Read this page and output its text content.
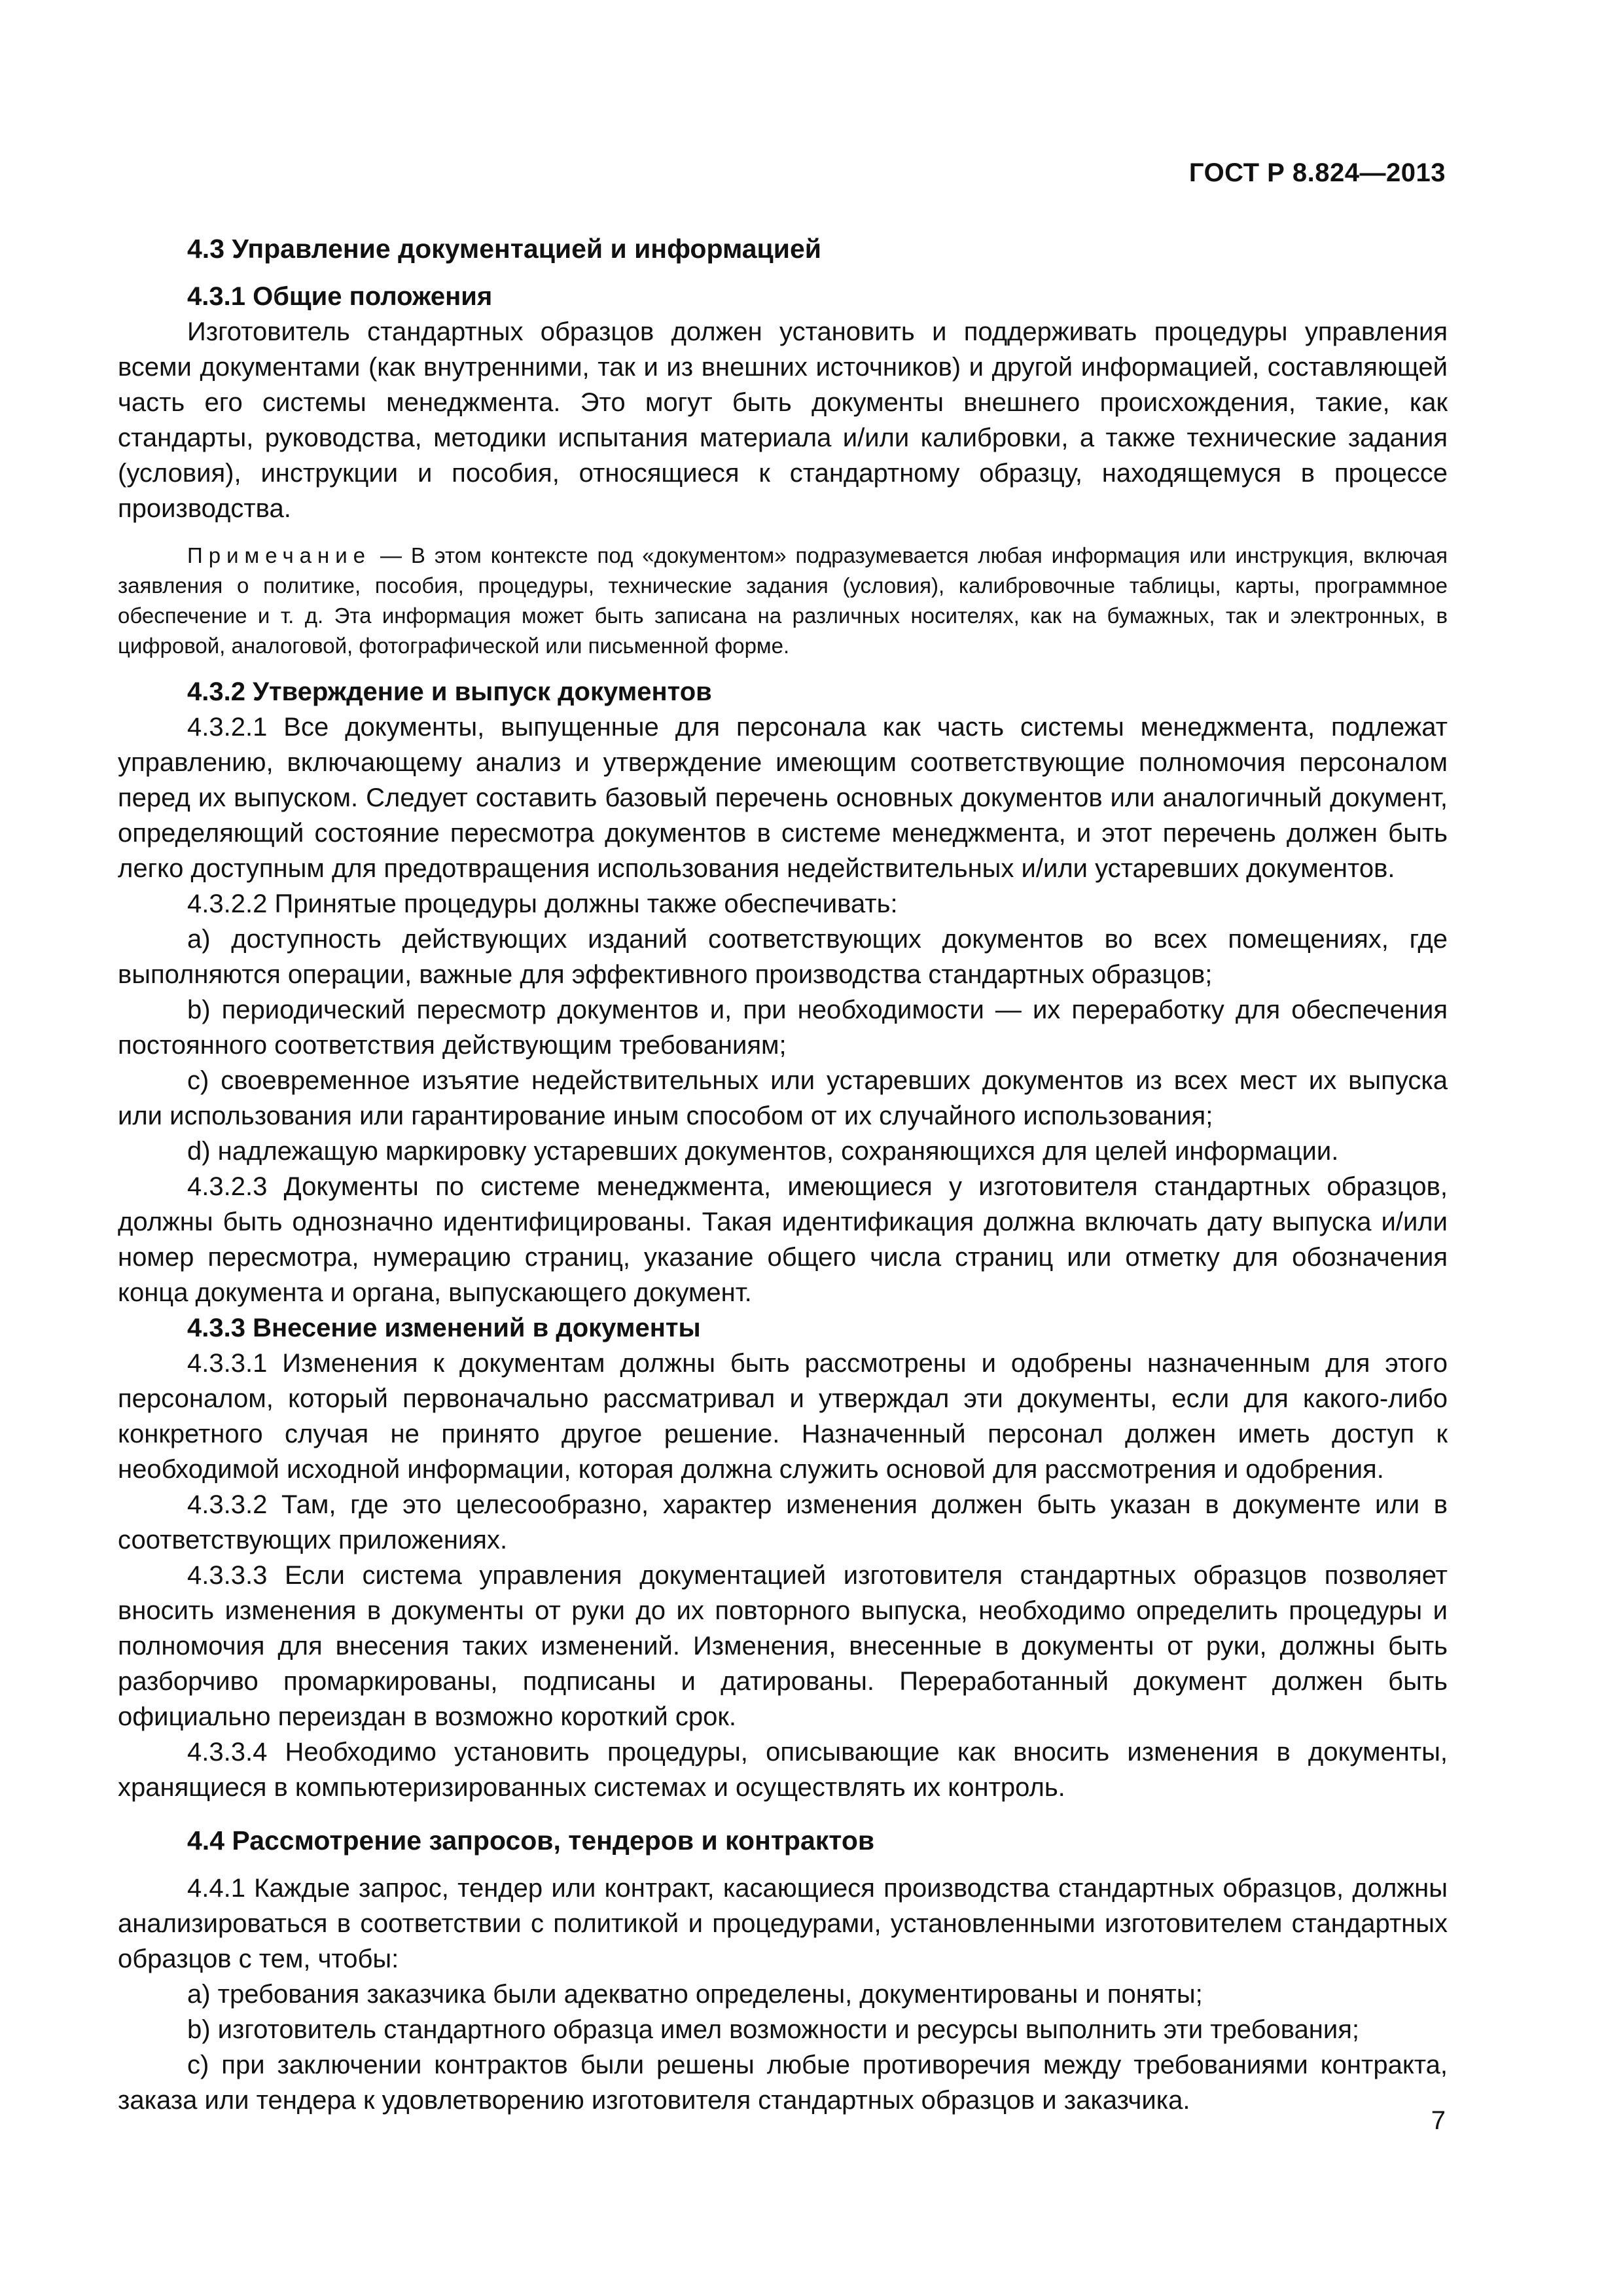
ГОСТ Р 8.824—2013
4.3 Управление документацией и информацией
4.3.1 Общие положения

Изготовитель стандартных образцов должен установить и поддерживать процедуры управления всеми документами (как внутренними, так и из внешних источников) и другой информацией, составляющей часть его системы менеджмента. Это могут быть документы внешнего происхождения, такие, как стандарты, руководства, методики испытания материала и/или калибровки, а также технические задания (условия), инструкции и пособия, относящиеся к стандартному образцу, находящемуся в процессе производства.

Примечание — В этом контексте под «документом» подразумевается любая информация или инструкция, включая заявления о политике, пособия, процедуры, технические задания (условия), калибровочные таблицы, карты, программное обеспечение и т. д. Эта информация может быть записана на различных носителях, как на бумажных, так и электронных, в цифровой, аналоговой, фотографической или письменной форме.

4.3.2 Утверждение и выпуск документов

4.3.2.1 Все документы, выпущенные для персонала как часть системы менеджмента, подлежат управлению, включающему анализ и утверждение имеющим соответствующие полномочия персоналом перед их выпуском. Следует составить базовый перечень основных документов или аналогичный документ, определяющий состояние пересмотра документов в системе менеджмента, и этот перечень должен быть легко доступным для предотвращения использования недействительных и/или устаревших документов.

4.3.2.2 Принятые процедуры должны также обеспечивать:

a) доступность действующих изданий соответствующих документов во всех помещениях, где выполняются операции, важные для эффективного производства стандартных образцов;

b) периодический пересмотр документов и, при необходимости — их переработку для обеспечения постоянного соответствия действующим требованиям;

c) своевременное изъятие недействительных или устаревших документов из всех мест их выпуска или использования или гарантирование иным способом от их случайного использования;

d) надлежащую маркировку устаревших документов, сохраняющихся для целей информации.

4.3.2.3 Документы по системе менеджмента, имеющиеся у изготовителя стандартных образцов, должны быть однозначно идентифицированы. Такая идентификация должна включать дату выпуска и/или номер пересмотра, нумерацию страниц, указание общего числа страниц или отметку для обозначения конца документа и органа, выпускающего документ.

4.3.3 Внесение изменений в документы

4.3.3.1 Изменения к документам должны быть рассмотрены и одобрены назначенным для этого персоналом, который первоначально рассматривал и утверждал эти документы, если для какого-либо конкретного случая не принято другое решение. Назначенный персонал должен иметь доступ к необходимой исходной информации, которая должна служить основой для рассмотрения и одобрения.

4.3.3.2 Там, где это целесообразно, характер изменения должен быть указан в документе или в соответствующих приложениях.

4.3.3.3 Если система управления документацией изготовителя стандартных образцов позволяет вносить изменения в документы от руки до их повторного выпуска, необходимо определить процедуры и полномочия для внесения таких изменений. Изменения, внесенные в документы от руки, должны быть разборчиво промаркированы, подписаны и датированы. Переработанный документ должен быть официально переиздан в возможно короткий срок.

4.3.3.4 Необходимо установить процедуры, описывающие как вносить изменения в документы, хранящиеся в компьютеризированных системах и осуществлять их контроль.

4.4 Рассмотрение запросов, тендеров и контрактов

4.4.1 Каждые запрос, тендер или контракт, касающиеся производства стандартных образцов, должны анализироваться в соответствии с политикой и процедурами, установленными изготовителем стандартных образцов с тем, чтобы:

a) требования заказчика были адекватно определены, документированы и поняты;

b) изготовитель стандартного образца имел возможности и ресурсы выполнить эти требования;

c) при заключении контрактов были решены любые противоречия между требованиями контракта, заказа или тендера к удовлетворению изготовителя стандартных образцов и заказчика.

7
